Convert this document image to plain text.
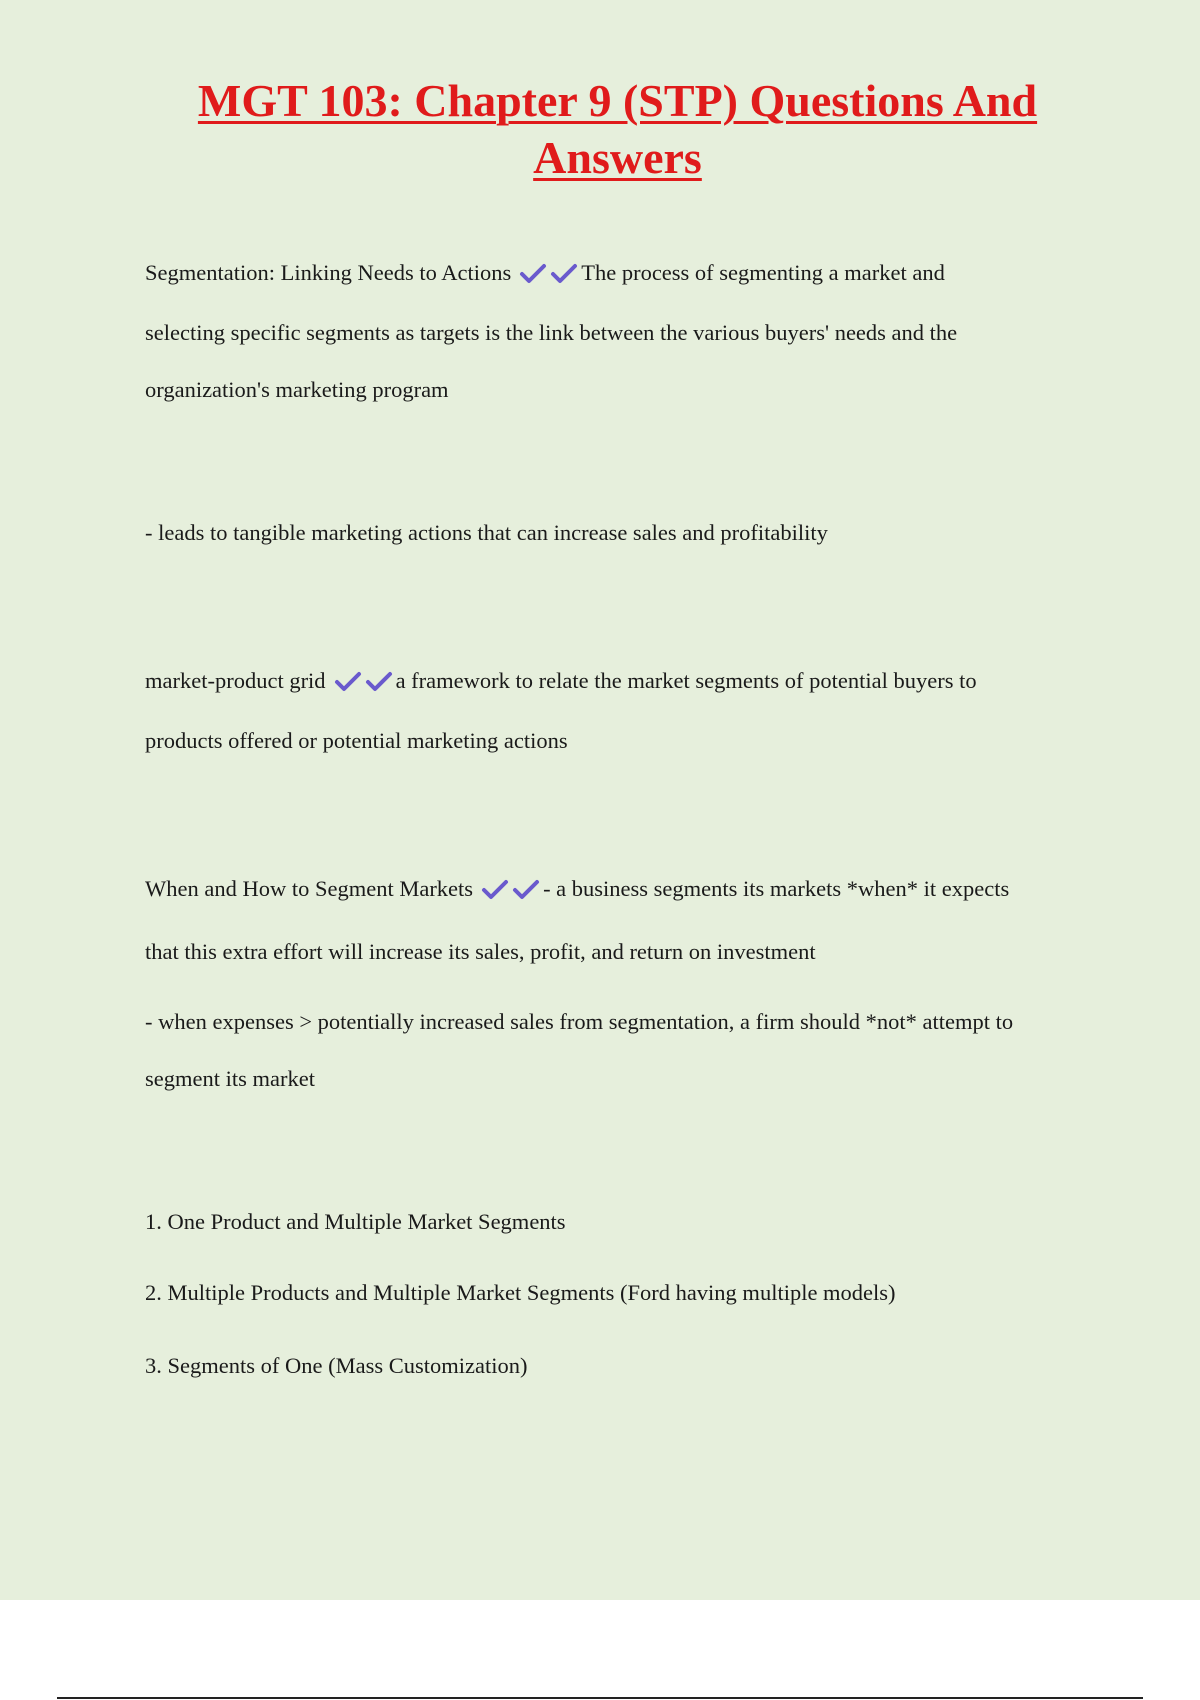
MGT 103: Chapter 9 (STP) Questions And Answers

Segmentation: Linking Needs to Actions	The process of segmenting a market and

selecting specific segments as targets is the link between the various buyers' needs and the

organization's marketing program

- leads to tangible marketing actions that can increase sales and profitability

market-product grid	a framework to relate the market segments of potential buyers to

products offered or potential marketing actions

When and How to Segment Markets	- a business segments its markets *when* it expects

that this extra effort will increase its sales, profit, and return on investment

- when expenses > potentially increased sales from segmentation, a firm should *not* attempt to

segment its market

1. One Product and Multiple Market Segments

2. Multiple Products and Multiple Market Segments (Ford having multiple models)

3. Segments of One (Mass Customization)
